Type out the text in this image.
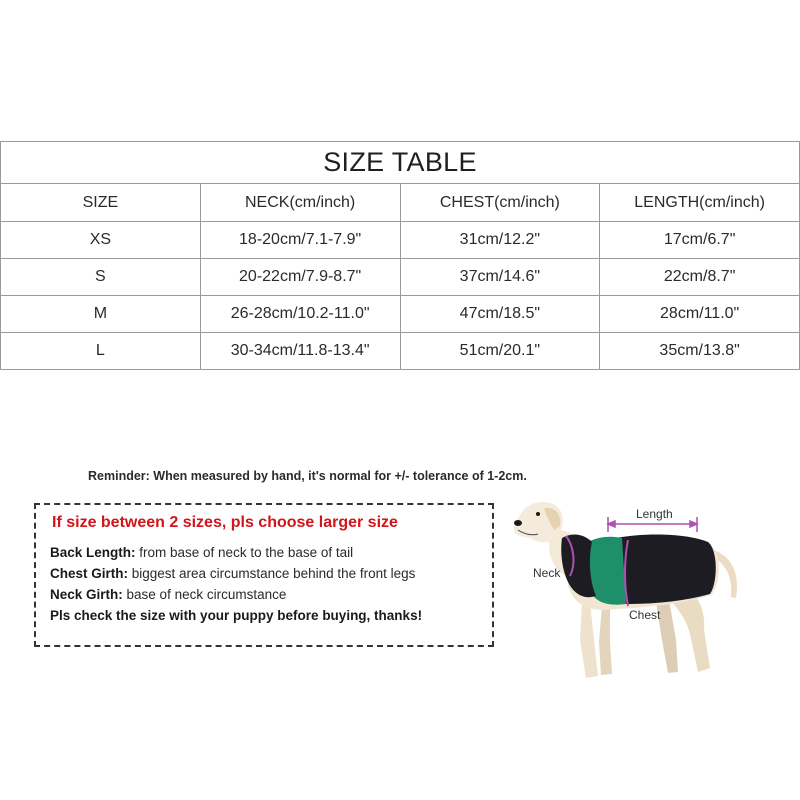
SIZE TABLE			
SIZE	NECK(cm/inch)	CHEST(cm/inch)	LENGTH(cm/inch)
XS	18-20cm/7.1-7.9"	31cm/12.2"	17cm/6.7"
S	20-22cm/7.9-8.7"	37cm/14.6"	22cm/8.7"
M	26-28cm/10.2-11.0"	47cm/18.5"	28cm/11.0"
L	30-34cm/11.8-13.4"	51cm/20.1"	35cm/13.8"
Reminder: When measured by hand, it's normal for +/- tolerance of 1-2cm.
If size between 2 sizes, pls choose larger size
Back Length: from base of neck to the base of tail
Chest Girth: biggest area circumstance behind the front legs
Neck Girth: base of neck circumstance
Pls check the size with your puppy before buying, thanks!
Length
Neck
Chest
